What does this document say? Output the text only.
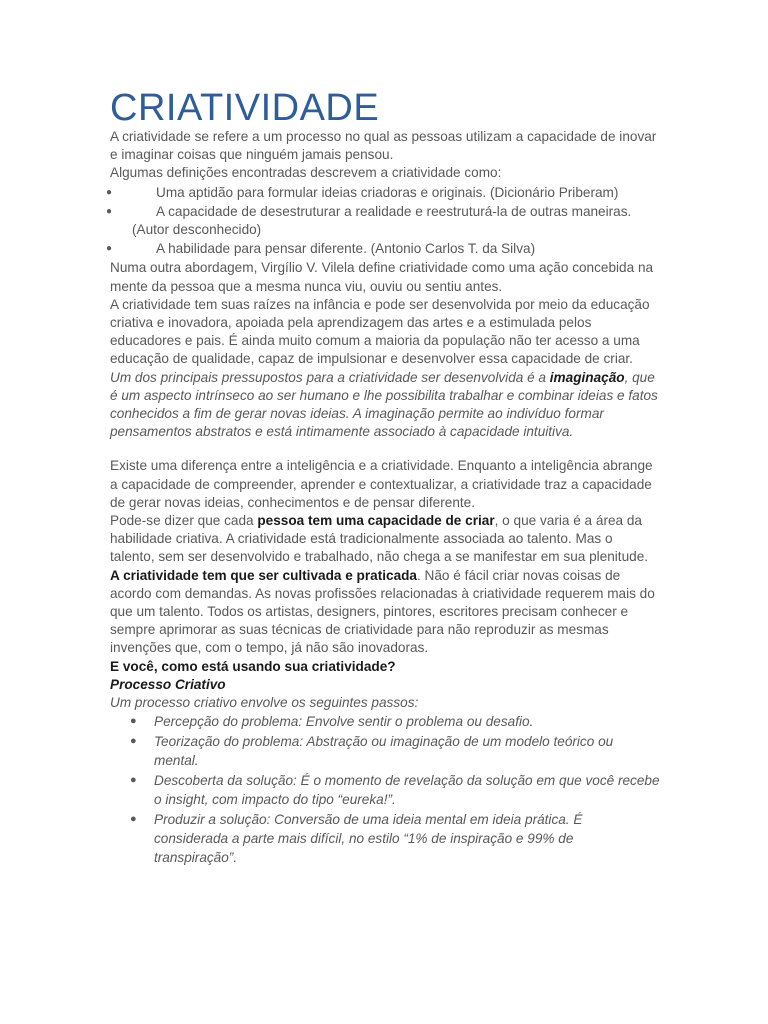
CRIATIVIDADE

A criatividade se refere a um processo no qual as pessoas utilizam a capacidade de inovar e imaginar coisas que ninguém jamais pensou.

Algumas definições encontradas descrevem a criatividade como:

●	Uma aptidão para formular ideias criadoras e originais. (Dicionário Priberam)
●	A capacidade de desestruturar a realidade e reestruturá-la de outras maneiras.
(Autor desconhecido)
●	A habilidade para pensar diferente. (Antonio Carlos T. da Silva)

Numa outra abordagem, Virgílio V. Vilela define criatividade como uma ação concebida na mente da pessoa que a mesma nunca viu, ouviu ou sentiu antes.

A criatividade tem suas raízes na infância e pode ser desenvolvida por meio da educação criativa e inovadora, apoiada pela aprendizagem das artes e a estimulada pelos educadores e pais. É ainda muito comum a maioria da população não ter acesso a uma educação de qualidade, capaz de impulsionar e desenvolver essa capacidade de criar.

Um dos principais pressupostos para a criatividade ser desenvolvida é a imaginação, que é um aspecto intrínseco ao ser humano e lhe possibilita trabalhar e combinar ideias e fatos conhecidos a fim de gerar novas ideias. A imaginação permite ao indivíduo formar pensamentos abstratos e está intimamente associado à capacidade intuitiva.

Existe uma diferença entre a inteligência e a criatividade. Enquanto a inteligência abrange a capacidade de compreender, aprender e contextualizar, a criatividade traz a capacidade de gerar novas ideias, conhecimentos e de pensar diferente.

Pode-se dizer que cada pessoa tem uma capacidade de criar, o que varia é a área da habilidade criativa. A criatividade está tradicionalmente associada ao talento. Mas o talento, sem ser desenvolvido e trabalhado, não chega a se manifestar em sua plenitude.

A criatividade tem que ser cultivada e praticada. Não é fácil criar novas coisas de acordo com demandas. As novas profissões relacionadas à criatividade requerem mais do que um talento. Todos os artistas, designers, pintores, escritores precisam conhecer e sempre aprimorar as suas técnicas de criatividade para não reproduzir as mesmas invenções que, com o tempo, já não são inovadoras.

E você, como está usando sua criatividade?

Processo Criativo

Um processo criativo envolve os seguintes passos:

● Percepção do problema: Envolve sentir o problema ou desafio.
● Teorização do problema: Abstração ou imaginação de um modelo teórico ou mental.
● Descoberta da solução: É o momento de revelação da solução em que você recebe o insight, com impacto do tipo “eureka!”.
● Produzir a solução: Conversão de uma ideia mental em ideia prática. É considerada a parte mais difícil, no estilo “1% de inspiração e 99% de transpiração”.
